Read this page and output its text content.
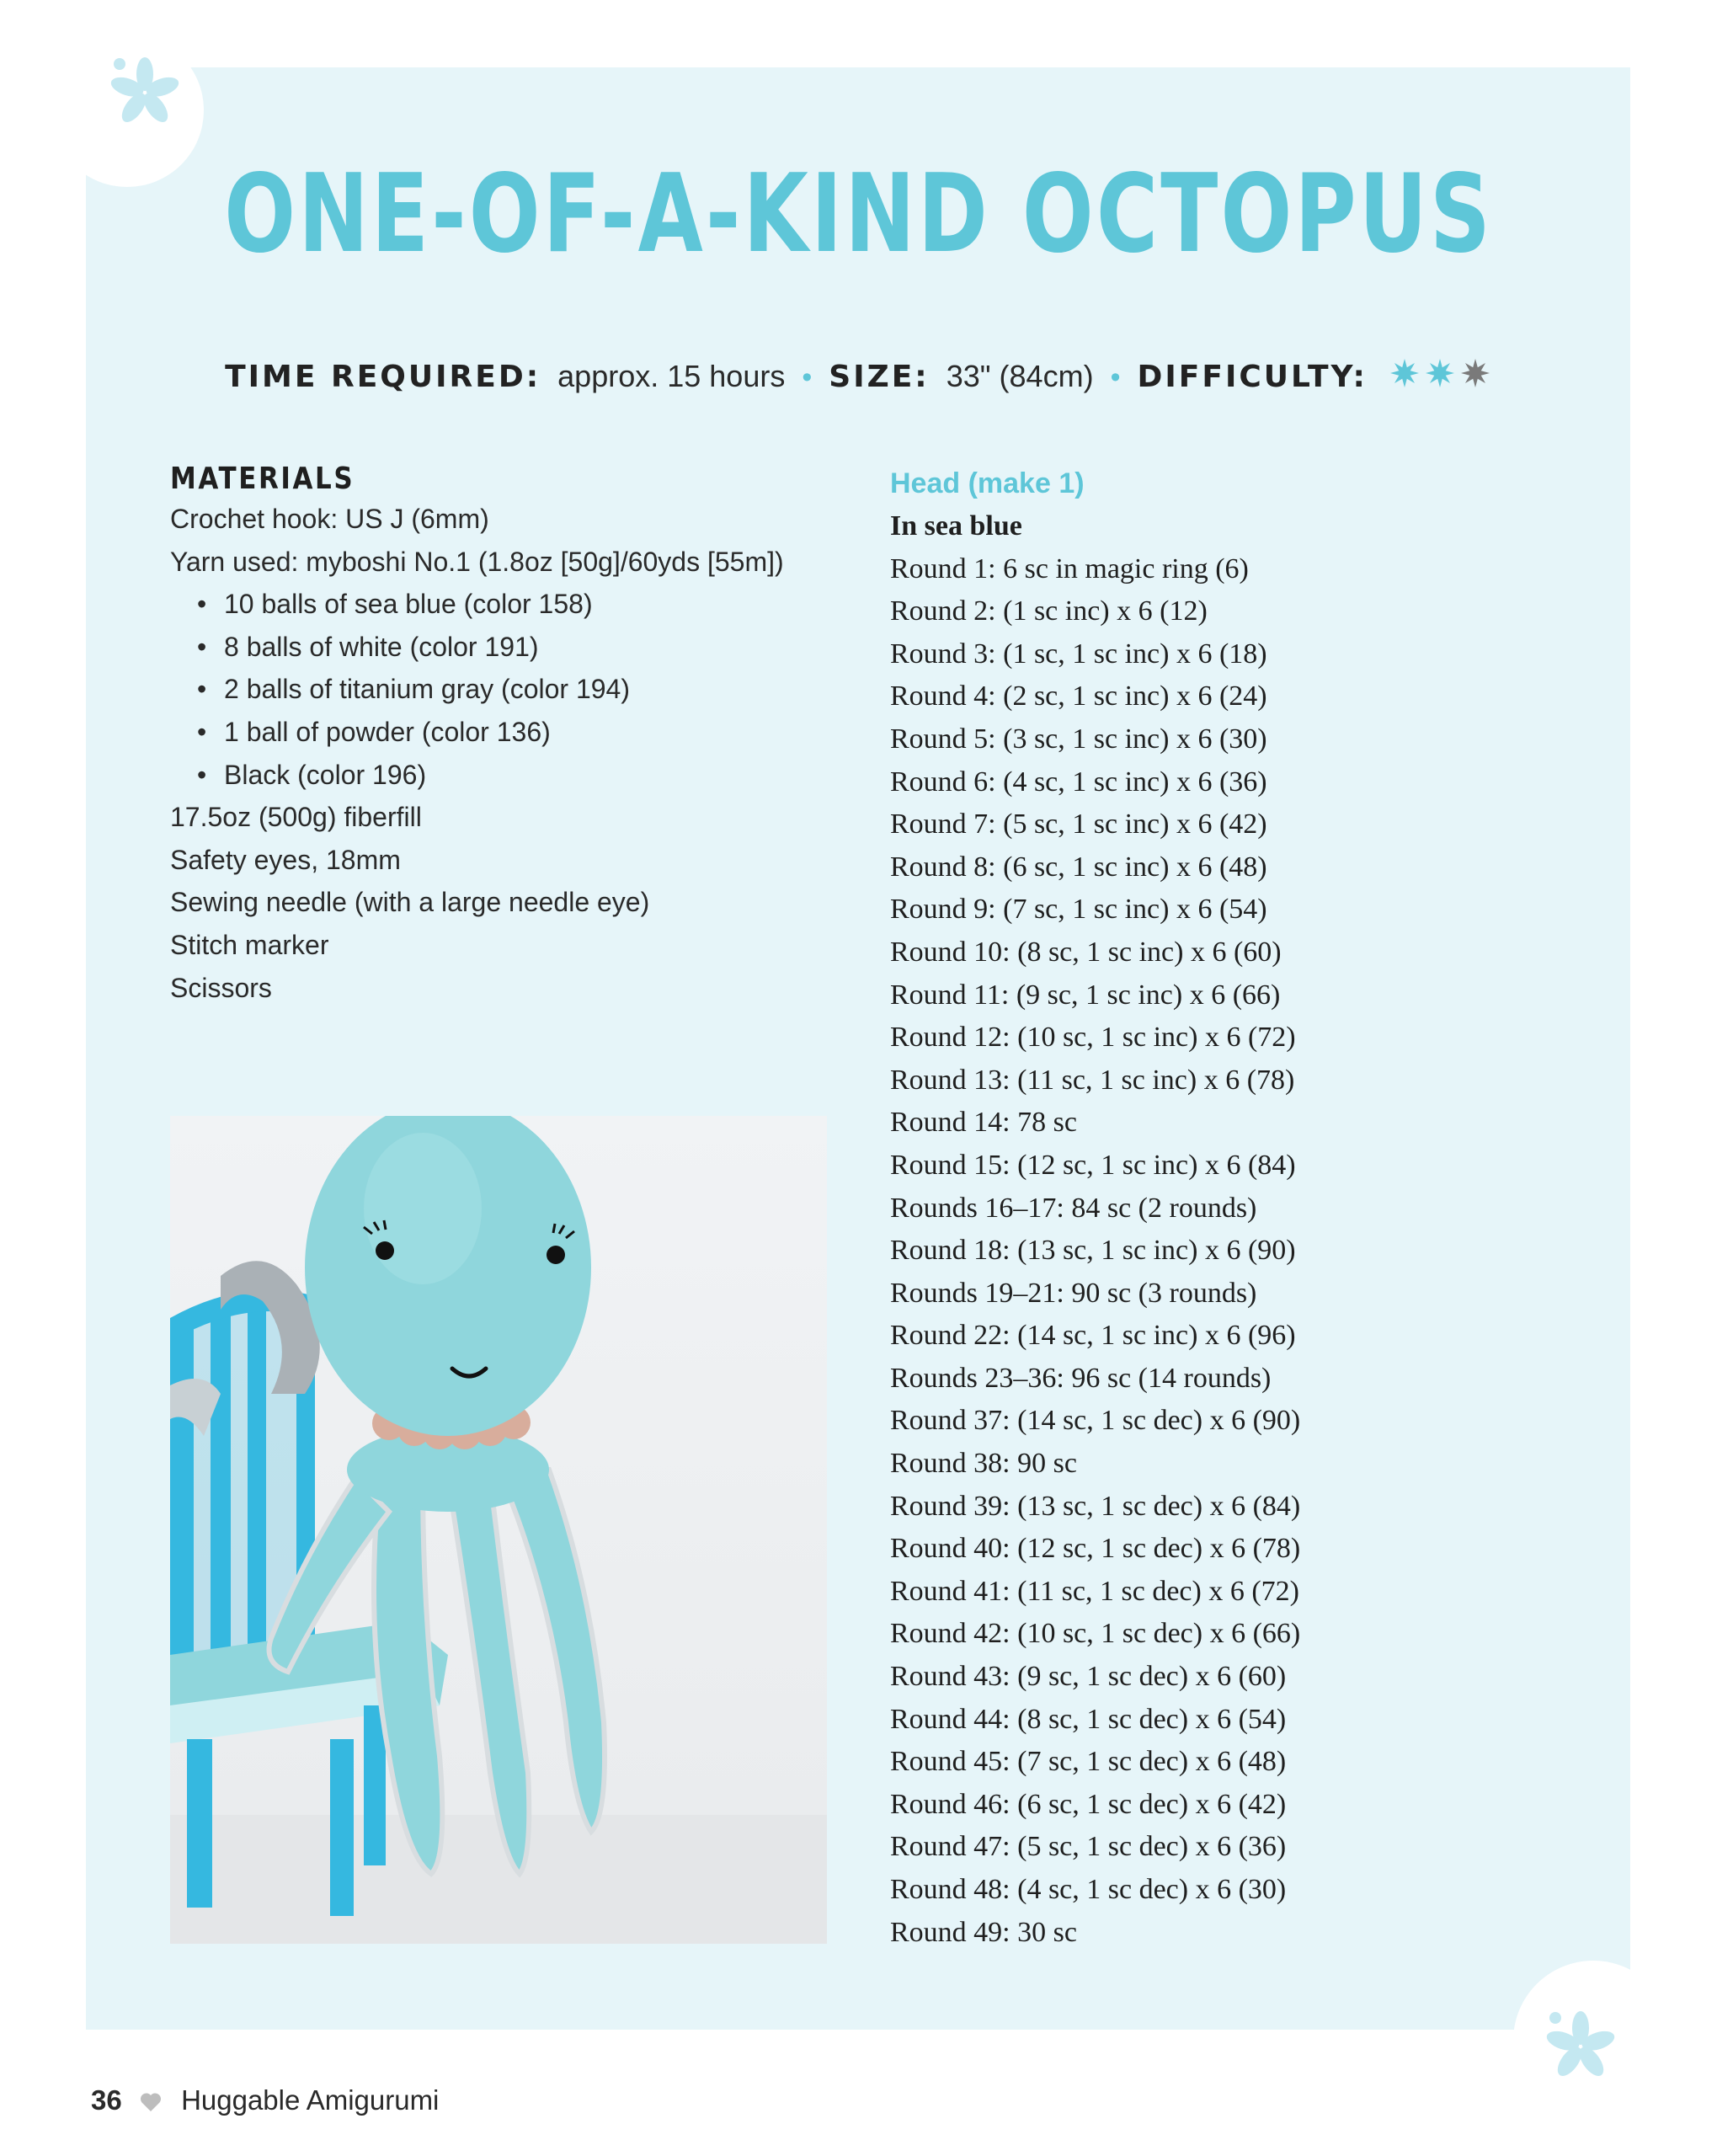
ONE-OF-A-KIND OCTOPUS
TIME REQUIRED: approx. 15 hours • SIZE: 33" (84cm) • DIFFICULTY:
MATERIALS
Crochet hook: US J (6mm)
Yarn used: myboshi No.1 (1.8oz [50g]/60yds [55m])
• 10 balls of sea blue (color 158)
• 8 balls of white (color 191)
• 2 balls of titanium gray (color 194)
• 1 ball of powder (color 136)
• Black (color 196)
17.5oz (500g) fiberfill
Safety eyes, 18mm
Sewing needle (with a large needle eye)
Stitch marker
Scissors
Head (make 1)
In sea blue
Round 1: 6 sc in magic ring (6)
Round 2: (1 sc inc) x 6 (12)
Round 3: (1 sc, 1 sc inc) x 6 (18)
Round 4: (2 sc, 1 sc inc) x 6 (24)
Round 5: (3 sc, 1 sc inc) x 6 (30)
Round 6: (4 sc, 1 sc inc) x 6 (36)
Round 7: (5 sc, 1 sc inc) x 6 (42)
Round 8: (6 sc, 1 sc inc) x 6 (48)
Round 9: (7 sc, 1 sc inc) x 6 (54)
Round 10: (8 sc, 1 sc inc) x 6 (60)
Round 11: (9 sc, 1 sc inc) x 6 (66)
Round 12: (10 sc, 1 sc inc) x 6 (72)
Round 13: (11 sc, 1 sc inc) x 6 (78)
Round 14: 78 sc
Round 15: (12 sc, 1 sc inc) x 6 (84)
Rounds 16–17: 84 sc (2 rounds)
Round 18: (13 sc, 1 sc inc) x 6 (90)
Rounds 19–21: 90 sc (3 rounds)
Round 22: (14 sc, 1 sc inc) x 6 (96)
Rounds 23–36: 96 sc (14 rounds)
Round 37: (14 sc, 1 sc dec) x 6 (90)
Round 38: 90 sc
Round 39: (13 sc, 1 sc dec) x 6 (84)
Round 40: (12 sc, 1 sc dec) x 6 (78)
Round 41: (11 sc, 1 sc dec) x 6 (72)
Round 42: (10 sc, 1 sc dec) x 6 (66)
Round 43: (9 sc, 1 sc dec) x 6 (60)
Round 44: (8 sc, 1 sc dec) x 6 (54)
Round 45: (7 sc, 1 sc dec) x 6 (48)
Round 46: (6 sc, 1 sc dec) x 6 (42)
Round 47: (5 sc, 1 sc dec) x 6 (36)
Round 48: (4 sc, 1 sc dec) x 6 (30)
Round 49: 30 sc
36 Huggable Amigurumi
